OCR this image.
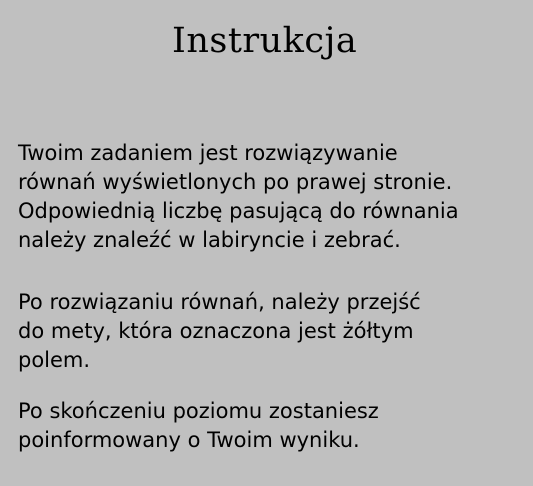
Instrukcja

Twoim zadaniem jest rozwiązywanie
równań wyświetlonych po prawej stronie.
Odpowiednią liczbę pasującą do równania
należy znaleźć w labiryncie i zebrać.

Po rozwiązaniu równań, należy przejść
do mety, która oznaczona jest żółtym
polem.

Po skończeniu poziomu zostaniesz
poinformowany o Twoim wyniku.
